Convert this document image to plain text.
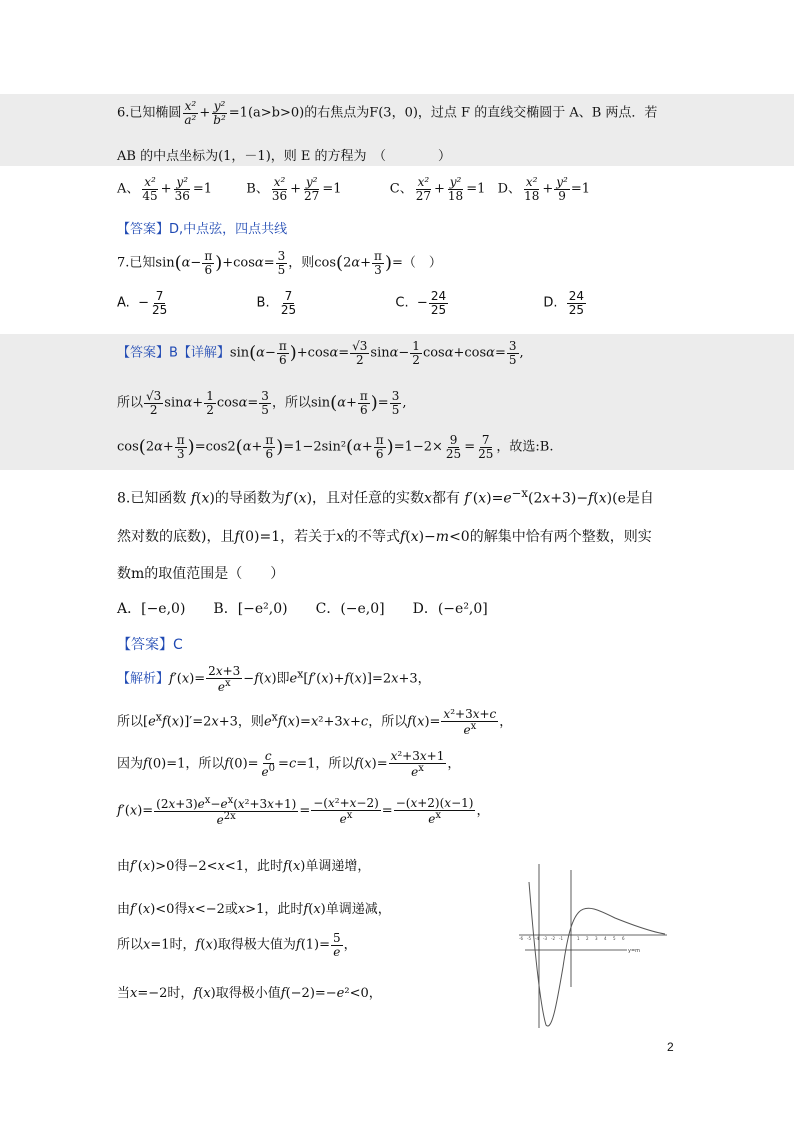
6.已知椭圆 $\frac{\text{x²}}{\text{a²}} + \frac{\text{y²}}{\text{b²}} =1(a>b>0)$的右焦点为F(3，0)，过点 F 的直线交椭圆于 A、B 两点．若
AB 的中点坐标为(1，－1)，则 E 的方程为　（　　　　）
A、 $\frac{\text{x²}}{45} + \frac{\text{y²}}{36} =1$  B、 $\frac{\text{x²}}{36} + \frac{\text{y²}}{27} =1$	C、 $\frac{\text{x²}}{27} + \frac{\text{y²}}{18} =1$  D、 $\frac{\text{x²}}{18} + \frac{\text{y²}}{9} =1$
【答案】D,中点弦，四点共线
7.已知$\sin(\alpha- \frac{\pi}{6} )+\cos\alpha= \frac{3}{5}$ ，则$\cos(2\alpha+ \frac{\pi}{3}$ )=（　）
A. − $\frac{7}{25}$	B. $\frac{7}{25}$	C. − $\frac{24}{25}$	D. $\frac{24}{25}$
【答案】B【详解】$\sin(\alpha- \frac{\pi}{6} )+\cos\alpha= \frac{√3}{2} \sin\alpha- \frac{1}{2} \cos\alpha+\cos\alpha= \frac{3}{5}$ ,
所以 $\frac{√3}{2} \sin\alpha+ \frac{1}{2} \cos\alpha= \frac{3}{5}$ ，所以$\sin(\alpha+ \frac{\pi}{6}$ )= $\frac{3}{5}$ ,
$\cos(2\alpha+ \frac{\pi}{3} )=\cos 2(\alpha+ \frac{\pi}{6} )=1-2\sin^2(\alpha+ \frac{\pi}{6} )=1-2\times \frac{9}{25} = \frac{7}{25}$ ，故选:B.
8.已知函数 f(x)的导函数为f′(x)，且对任意的实数x都有 $f'(x)=e^{-x}(2x+3)-f(x)(e$是自
然对数的底数)，且f(0)=1，若关于x的不等式f(x)−m<0的解集中恰有两个整数，则实
数m的取值范围是（　　）
A．[−e,0)　　B．[−e²,0)　　C．(−e,0]　　D．(−e²,0]
【答案】C
【解析】$f'(x)= \frac{2x+3}{e^x} -f(x)$即$e^x[f'(x)+f(x)]=2x+3$，
所以$[e^xf(x)]'=2x+3$，则$e^xf(x)=x^2+3x+c$，所以$f(x)= \frac{\text{x²+3x+c}}{e^x}$ ，
因为f(0)=1，所以$f(0)= \frac{c}{e^0} =c=1$，所以$f(x)= \frac{\text{x²+3x+1}}{e^x}$ ，
$f'(x)= \frac{(2x+3)e^x-e^x(x^2+3x+1)}{e^{2x}} = \frac{\text{−(x²+x−2)}}{e^x} = \frac{-(x+2)(x-1)}{e^x}$ ，
由f′(x)>0得−2<x<1，此时f(x)单调递增，
由f′(x)<0得x<−2或x>1，此时f(x)单调递减，
所以x=1时，f(x)取得极大值为$f(1)= \frac{5}{e}$ ，
当x=−2时，f(x)取得极小值f(−2)=−e²<0，
-6 -5 -4 -3 -2 -1	1 2 3 4 5 6
y=m
2
